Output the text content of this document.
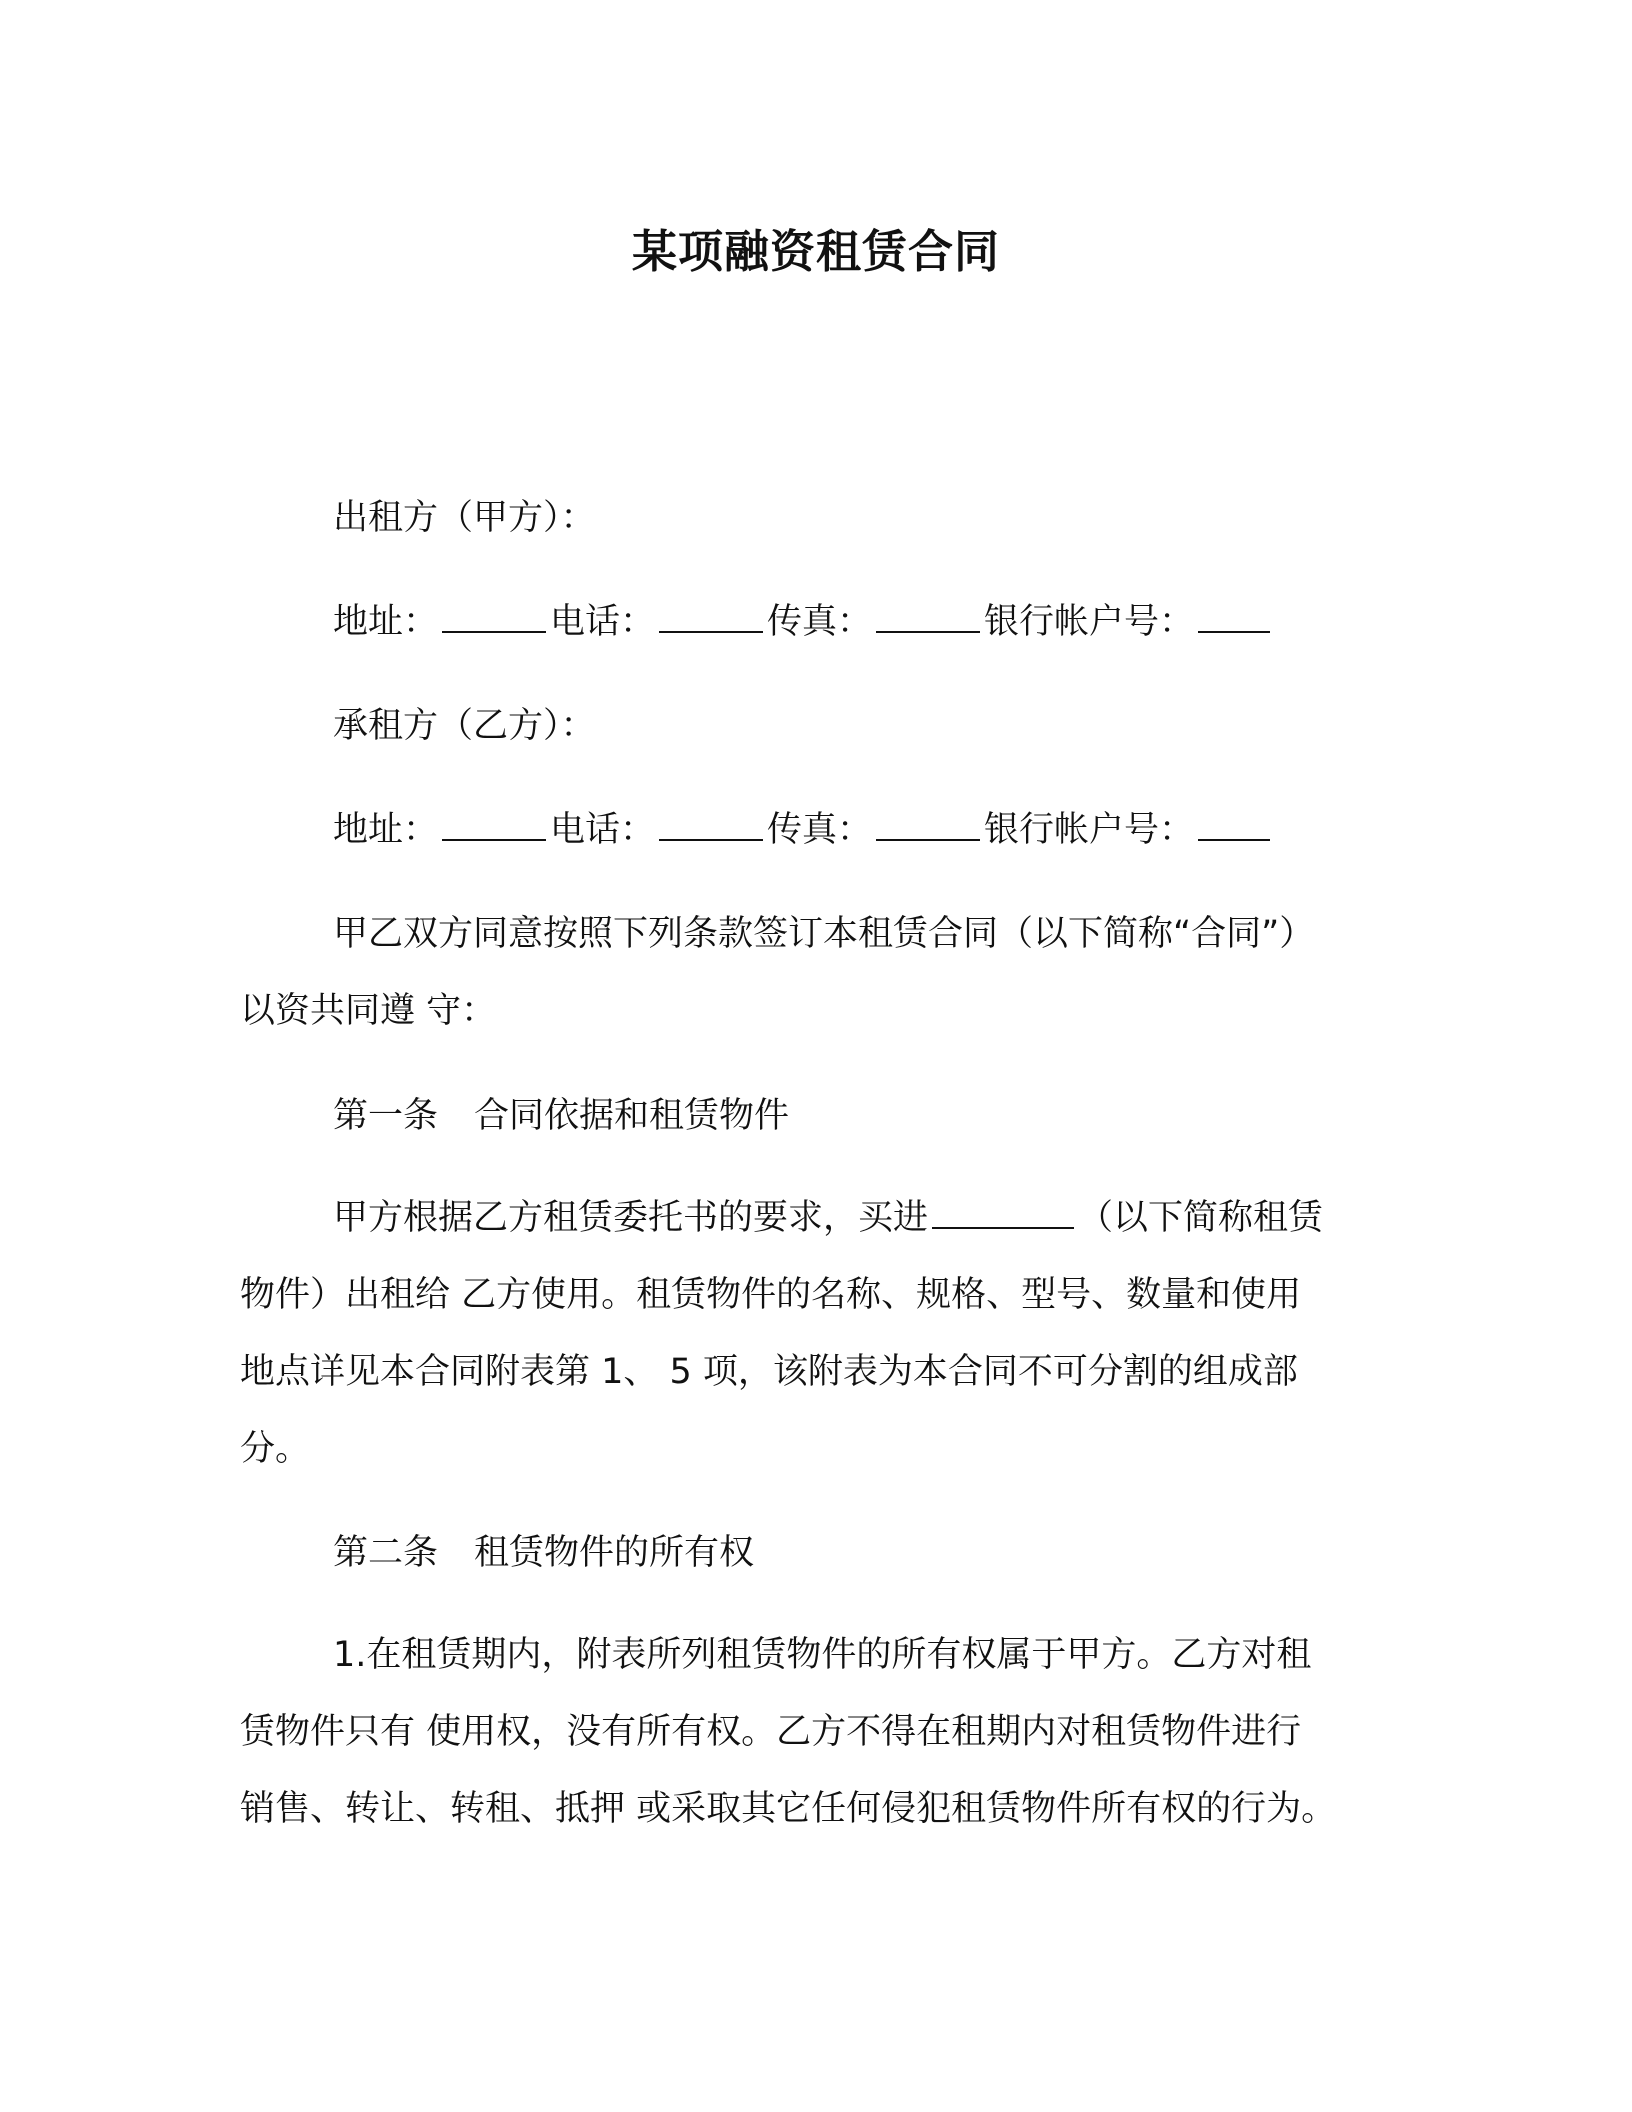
某项融资租赁合同

出租方（甲方）：

地址：	电话：	传真：	银行帐户号：

承租方（乙方）：

地址：	电话：	传真：	银行帐户号：

甲乙双方同意按照下列条款签订本租赁合同（以下简称“合同”）
以资共同遵 守：

第一条 合同依据和租赁物件

甲方根据乙方租赁委托书的要求，买进	（以下简称租赁
物件）出租给 乙方使用。租赁物件的名称、规格、型号、数量和使用
地点详见本合同附表第 1、 5 项，该附表为本合同不可分割的组成部
分。

第二条 租赁物件的所有权

1.在租赁期内，附表所列租赁物件的所有权属于甲方。乙方对租
赁物件只有 使用权，没有所有权。乙方不得在租期内对租赁物件进行
销售、转让、转租、抵押 或采取其它任何侵犯租赁物件所有权的行为。
